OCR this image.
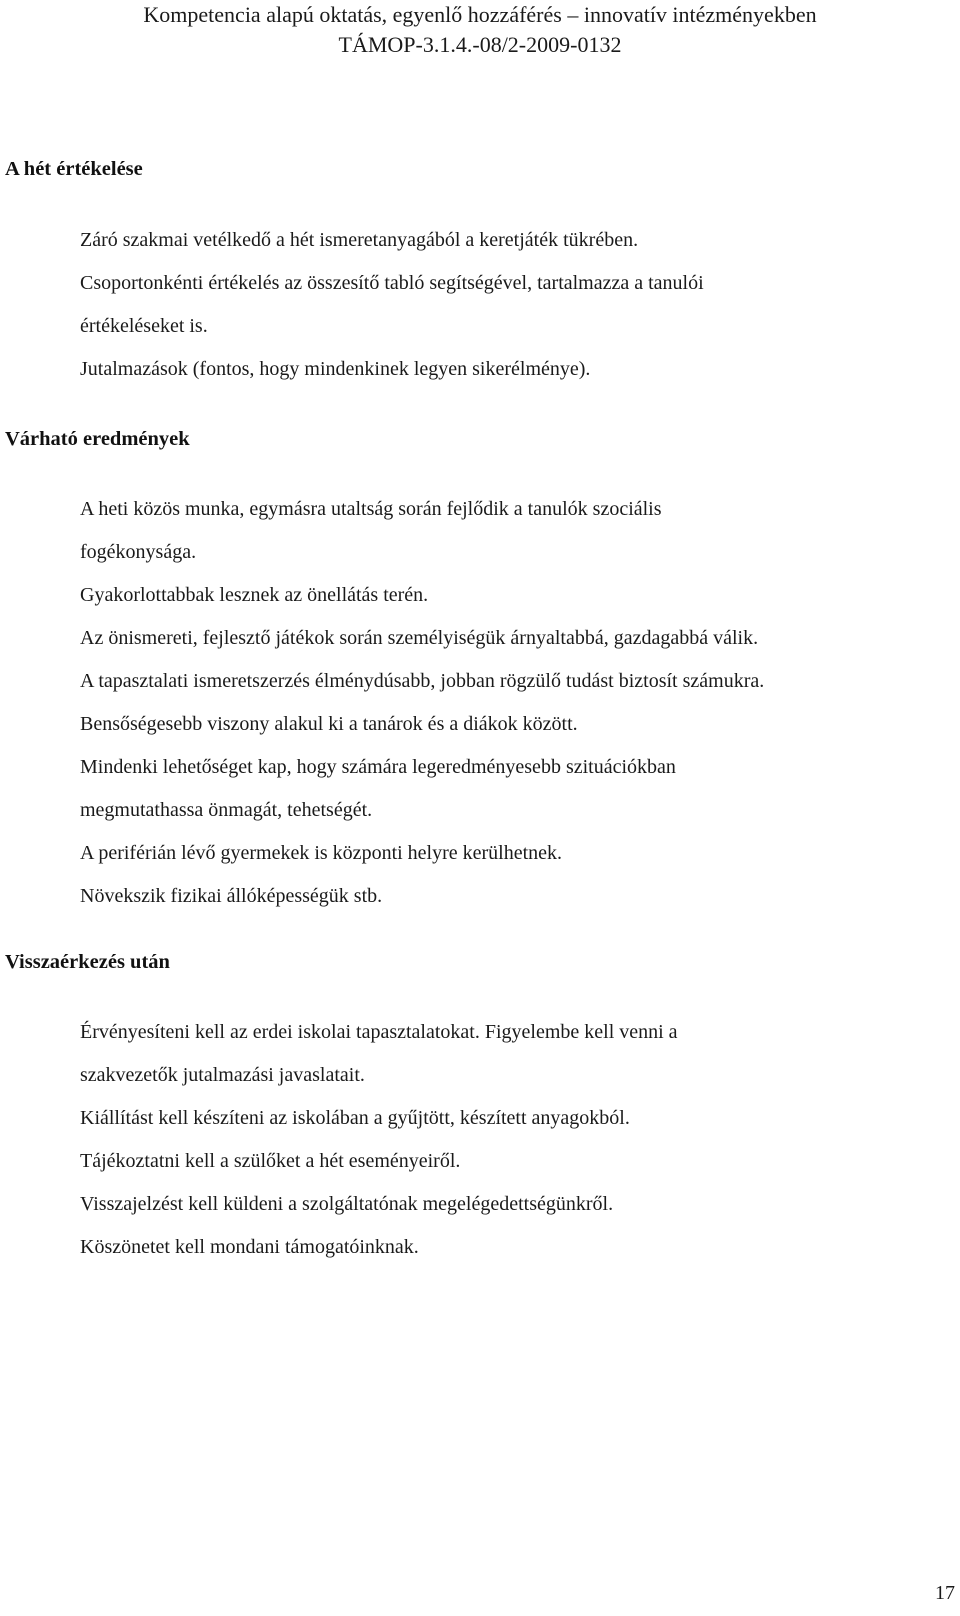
Kompetencia alapú oktatás, egyenlő hozzáférés – innovatív intézményekben
TÁMOP-3.1.4.-08/2-2009-0132
A hét értékelése
Záró szakmai vetélkedő a hét ismeretanyagából a keretjáték tükrében.
Csoportonkénti értékelés az összesítő tabló segítségével, tartalmazza a tanulói
értékeléseket is.
Jutalmazások (fontos, hogy mindenkinek legyen sikerélménye).
Várható eredmények
A heti közös munka, egymásra utaltság során fejlődik a tanulók szociális
fogékonysága.
Gyakorlottabbak lesznek az önellátás terén.
Az önismereti, fejlesztő játékok során személyiségük árnyaltabbá, gazdagabbá válik.
A tapasztalati ismeretszerzés élménydúsabb, jobban rögzülő tudást biztosít számukra.
Bensőségesebb viszony alakul ki a tanárok és a diákok között.
Mindenki lehetőséget kap, hogy számára legeredményesebb szituációkban
megmutathassa önmagát, tehetségét.
A periférián lévő gyermekek is központi helyre kerülhetnek.
Növekszik fizikai állóképességük stb.
Visszaérkezés után
Érvényesíteni kell az erdei iskolai tapasztalatokat. Figyelembe kell venni a
szakvezetők jutalmazási javaslatait.
Kiállítást kell készíteni az iskolában a gyűjtött, készített anyagokból.
Tájékoztatni kell a szülőket a hét eseményeiről.
Visszajelzést kell küldeni a szolgáltatónak megelégedettségünkről.
Köszönetet kell mondani támogatóinknak.
17
